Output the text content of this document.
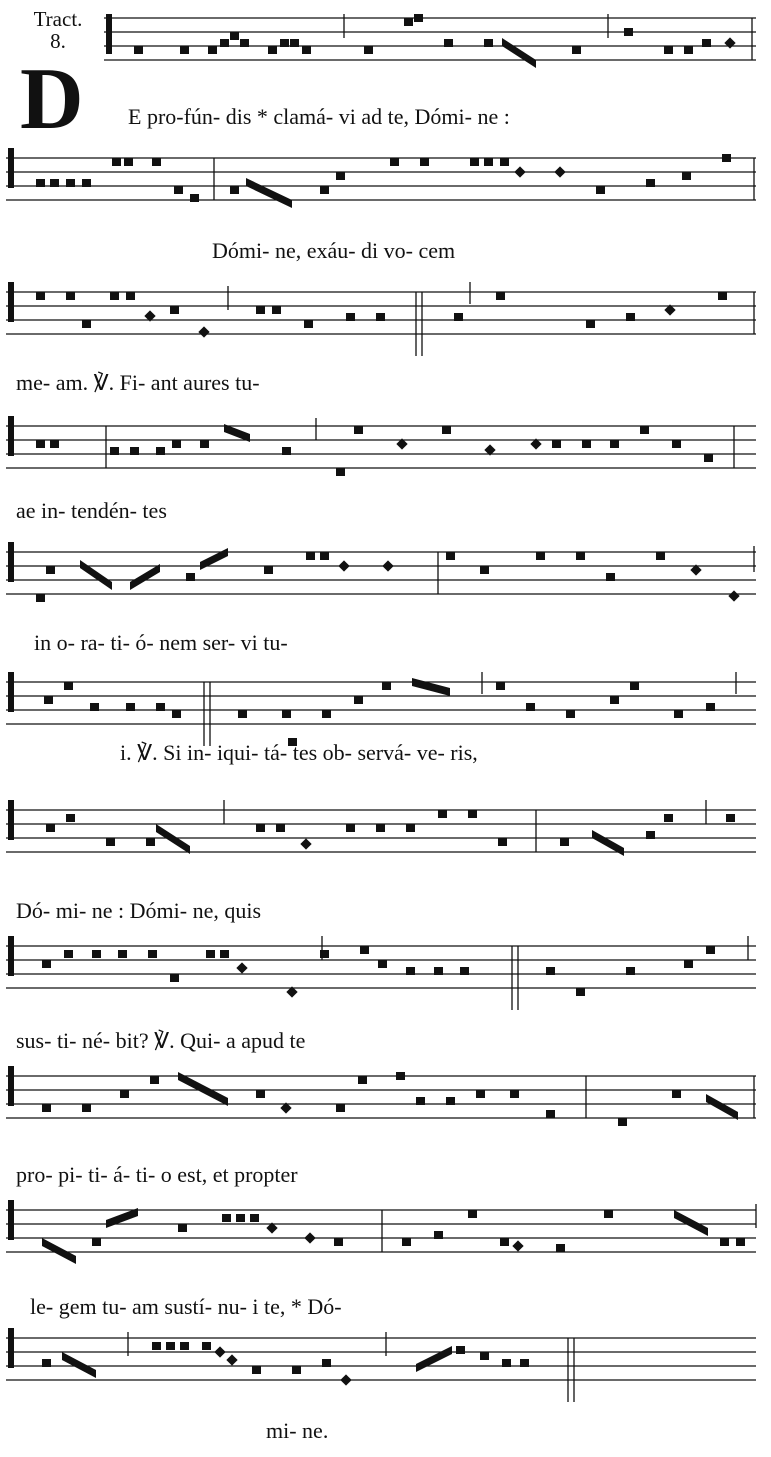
Tract.
8.
D E pro-fún- dis * clamá- vi ad te, Dómi- ne :
Dómi- ne, exáu- di vo- cem
me- am. ℣. Fi- ant aures tu-
ae in- tendén- tes
in o- ra- ti- ó- nem ser- vi tu-
i. ℣. Si in- iqui- tá- tes ob- servá- ve- ris,
Dó- mi- ne : Dómi- ne, quis
sus- ti- né- bit? ℣. Qui- a apud te
pro- pi- ti- á- ti- o est, et propter
le- gem tu- am sustí- nu- i te, * Dó-
mi- ne.
